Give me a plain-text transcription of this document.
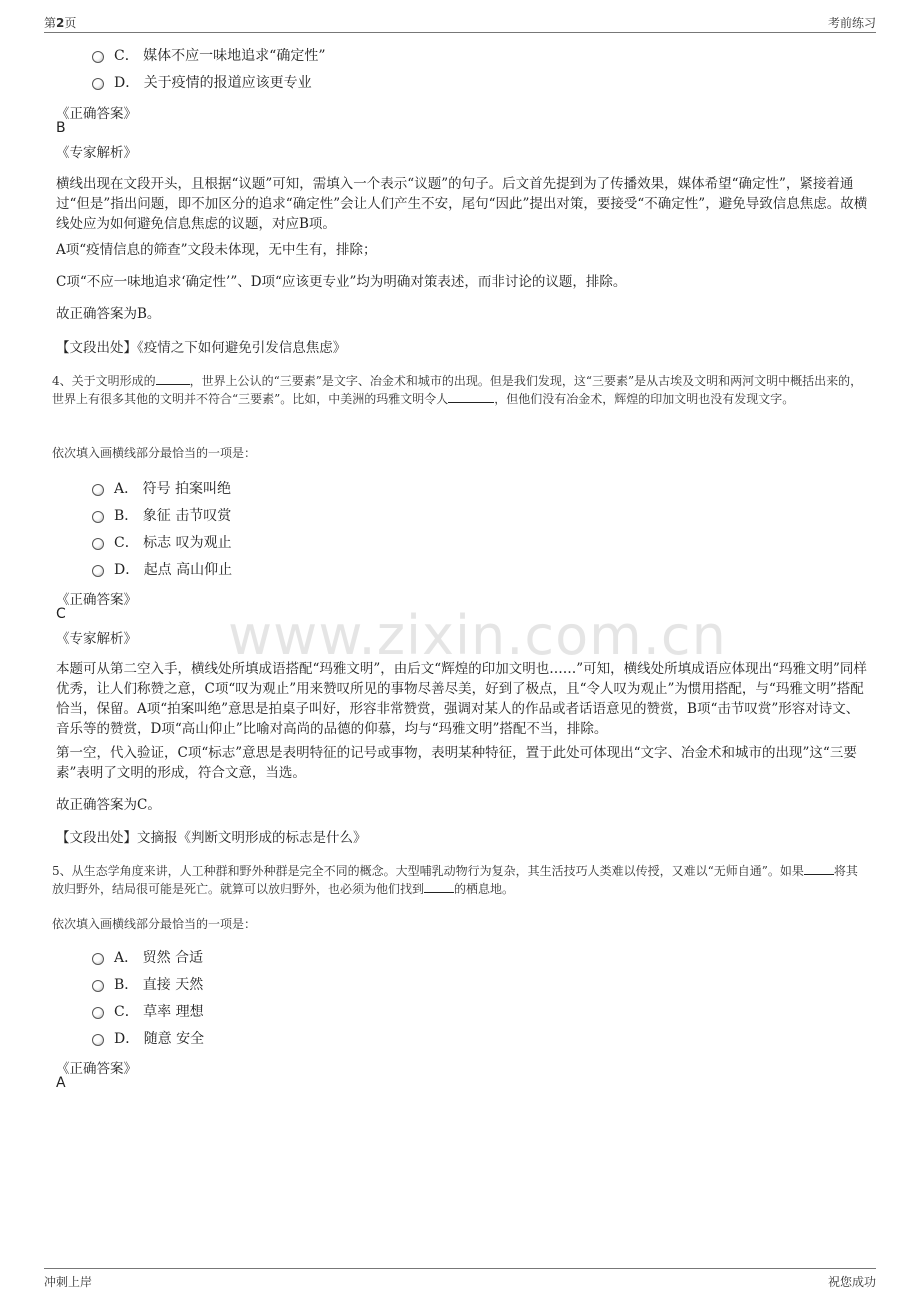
第2页	考前练习
www.zixin.com.cn
C．
媒体不应一味地追求“确定性”
D．
关于疫情的报道应该更专业
《正确答案》
B
《专家解析》
横线出现在文段开头，且根据“议题”可知，需填入一个表示“议题”的句子。后文首先提到为了传播效果，媒体希望“确定性”，紧接着通过“但是”指出问题，即不加区分的追求“确定性”会让人们产生不安，尾句“因此”提出对策，要接受“不确定性”，避免导致信息焦虑。故横线处应为如何避免信息焦虑的议题，对应B项。
A项“疫情信息的筛查”文段未体现，无中生有，排除；
C项“不应一味地追求‘确定性’”、D项“应该更专业”均为明确对策表述，而非讨论的议题，排除。
故正确答案为B。
【文段出处】《疫情之下如何避免引发信息焦虑》
4、关于文明形成的	，世界上公认的“三要素”是文字、冶金术和城市的出现。但是我们发现，这“三要素”是从古埃及文明和两河文明中概括出来的，世界上有很多其他的文明并不符合“三要素”。比如，中美洲的玛雅文明令人	，但他们没有冶金术，辉煌的印加文明也没有发现文字。
依次填入画横线部分最恰当的一项是：
A．
符号 拍案叫绝
B．
象征 击节叹赏
C．
标志 叹为观止
D．
起点 高山仰止
《正确答案》
C
《专家解析》
本题可从第二空入手，横线处所填成语搭配“玛雅文明”，由后文“辉煌的印加文明也……”可知，横线处所填成语应体现出“玛雅文明”同样优秀，让人们称赞之意，C项“叹为观止”用来赞叹所见的事物尽善尽美，好到了极点，且“令人叹为观止”为惯用搭配，与“玛雅文明”搭配恰当，保留。A项“拍案叫绝”意思是拍桌子叫好，形容非常赞赏，强调对某人的作品或者话语意见的赞赏，B项“击节叹赏”形容对诗文、音乐等的赞赏，D项“高山仰止”比喻对高尚的品德的仰慕，均与“玛雅文明”搭配不当，排除。
第一空，代入验证，C项“标志”意思是表明特征的记号或事物，表明某种特征，置于此处可体现出“文字、冶金术和城市的出现”这“三要素”表明了文明的形成，符合文意，当选。
故正确答案为C。
【文段出处】文摘报《判断文明形成的标志是什么》
5、从生态学角度来讲，人工种群和野外种群是完全不同的概念。大型哺乳动物行为复杂，其生活技巧人类难以传授，又难以“无师自通”。如果	将其放归野外，结局很可能是死亡。就算可以放归野外，也必须为他们找到	的栖息地。
依次填入画横线部分最恰当的一项是：
A．
贸然 合适
B．
直接 天然
C．
草率 理想
D．
随意 安全
《正确答案》
A
冲刺上岸	祝您成功
